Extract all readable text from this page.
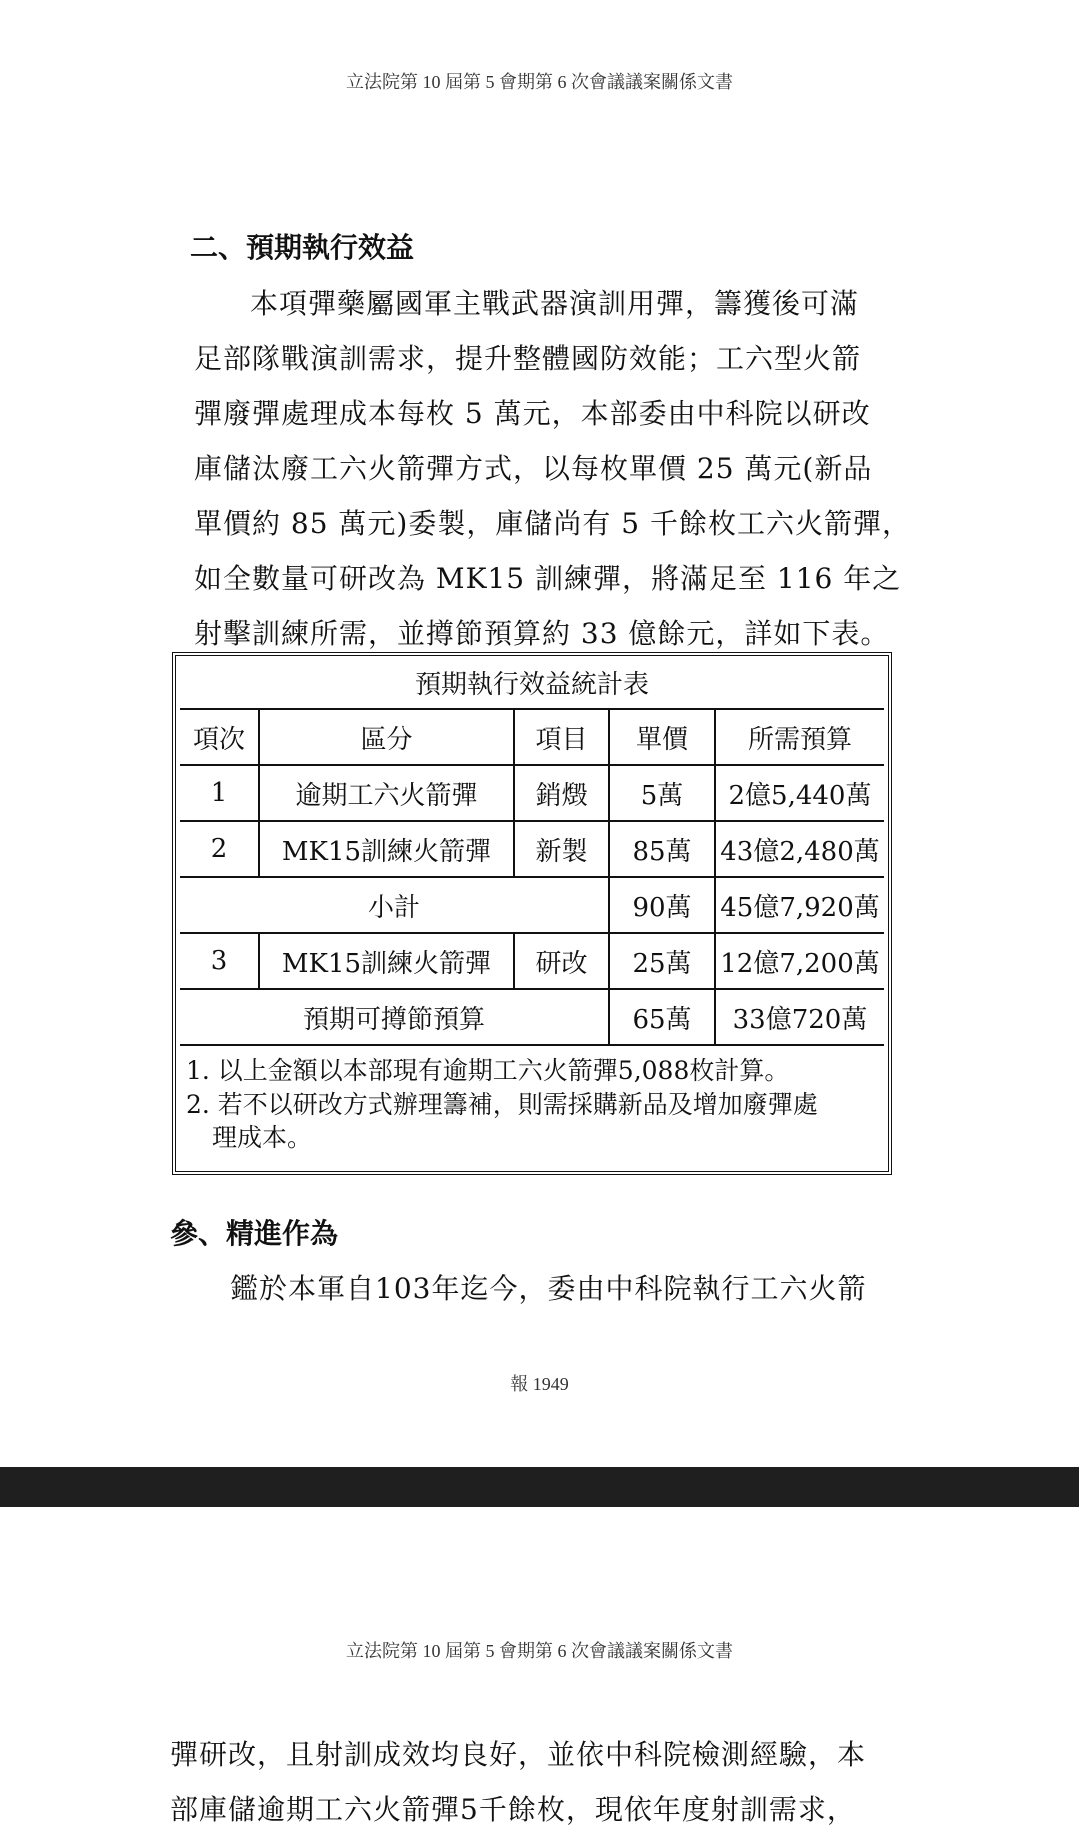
立法院第 10 屆第 5 會期第 6 次會議議案關係文書
二、預期執行效益
本項彈藥屬國軍主戰武器演訓用彈，籌獲後可滿
足部隊戰演訓需求，提升整體國防效能；工六型火箭
彈廢彈處理成本每枚 5 萬元，本部委由中科院以研改
庫儲汰廢工六火箭彈方式，以每枚單價 25 萬元(新品
單價約 85 萬元)委製，庫儲尚有 5 千餘枚工六火箭彈，
如全數量可研改為 MK15 訓練彈，將滿足至 116 年之
射擊訓練所需，並撙節預算約 33 億餘元，詳如下表。
預期執行效益統計表
項次	區分	項目	單價	所需預算
1	逾期工六火箭彈	銷燬	5萬	2億5,440萬
2	MK15訓練火箭彈	新製	85萬	43億2,480萬
小計	90萬	45億7,920萬
3	MK15訓練火箭彈	研改	25萬	12億7,200萬
預期可撙節預算	65萬	33億720萬
1. 以上金額以本部現有逾期工六火箭彈5,088枚計算。
2. 若不以研改方式辦理籌補，則需採購新品及增加廢彈處
理成本。
參、精進作為
鑑於本軍自103年迄今，委由中科院執行工六火箭
報 1949
立法院第 10 屆第 5 會期第 6 次會議議案關係文書
彈研改，且射訓成效均良好，並依中科院檢測經驗，本
部庫儲逾期工六火箭彈5千餘枚，現依年度射訓需求，
